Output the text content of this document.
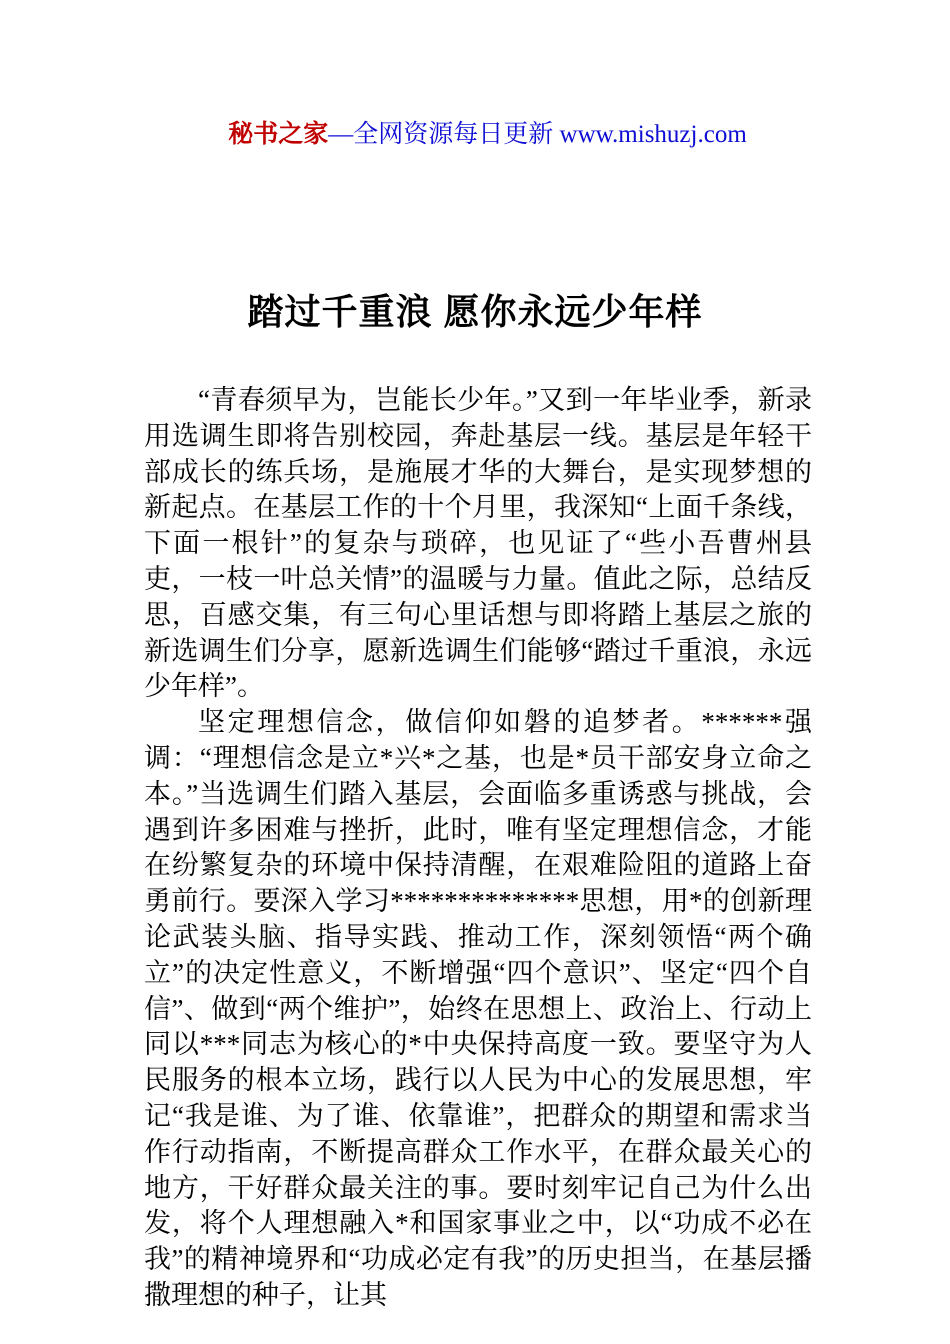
秘书之家—全网资源每日更新 www.mishuzj.com

踏过千重浪 愿你永远少年样

“青春须早为，岂能长少年。”又到一年毕业季，新录用选调生即将告别校园，奔赴基层一线。基层是年轻干部成长的练兵场，是施展才华的大舞台，是实现梦想的新起点。在基层工作的十个月里，我深知“上面千条线，下面一根针”的复杂与琐碎，也见证了“些小吾曹州县吏，一枝一叶总关情”的温暖与力量。值此之际，总结反思，百感交集，有三句心里话想与即将踏上基层之旅的新选调生们分享，愿新选调生们能够“踏过千重浪，永远少年样”。

坚定理想信念，做信仰如磐的追梦者。******强调：“理想信念是立*兴*之基，也是*员干部安身立命之本。”当选调生们踏入基层，会面临多重诱惑与挑战，会遇到许多困难与挫折，此时，唯有坚定理想信念，才能在纷繁复杂的环境中保持清醒，在艰难险阻的道路上奋勇前行。要深入学习**************思想，用*的创新理论武装头脑、指导实践、推动工作，深刻领悟“两个确立”的决定性意义，不断增强“四个意识”、坚定“四个自信”、做到“两个维护”，始终在思想上、政治上、行动上同以***同志为核心的*中央保持高度一致。要坚守为人民服务的根本立场，践行以人民为中心的发展思想，牢记“我是谁、为了谁、依靠谁”，把群众的期望和需求当作行动指南，不断提高群众工作水平，在群众最关心的地方，干好群众最关注的事。要时刻牢记自己为什么出发，将个人理想融入*和国家事业之中，以“功成不必在我”的精神境界和“功成必定有我”的历史担当，在基层播撒理想的种子，让其
